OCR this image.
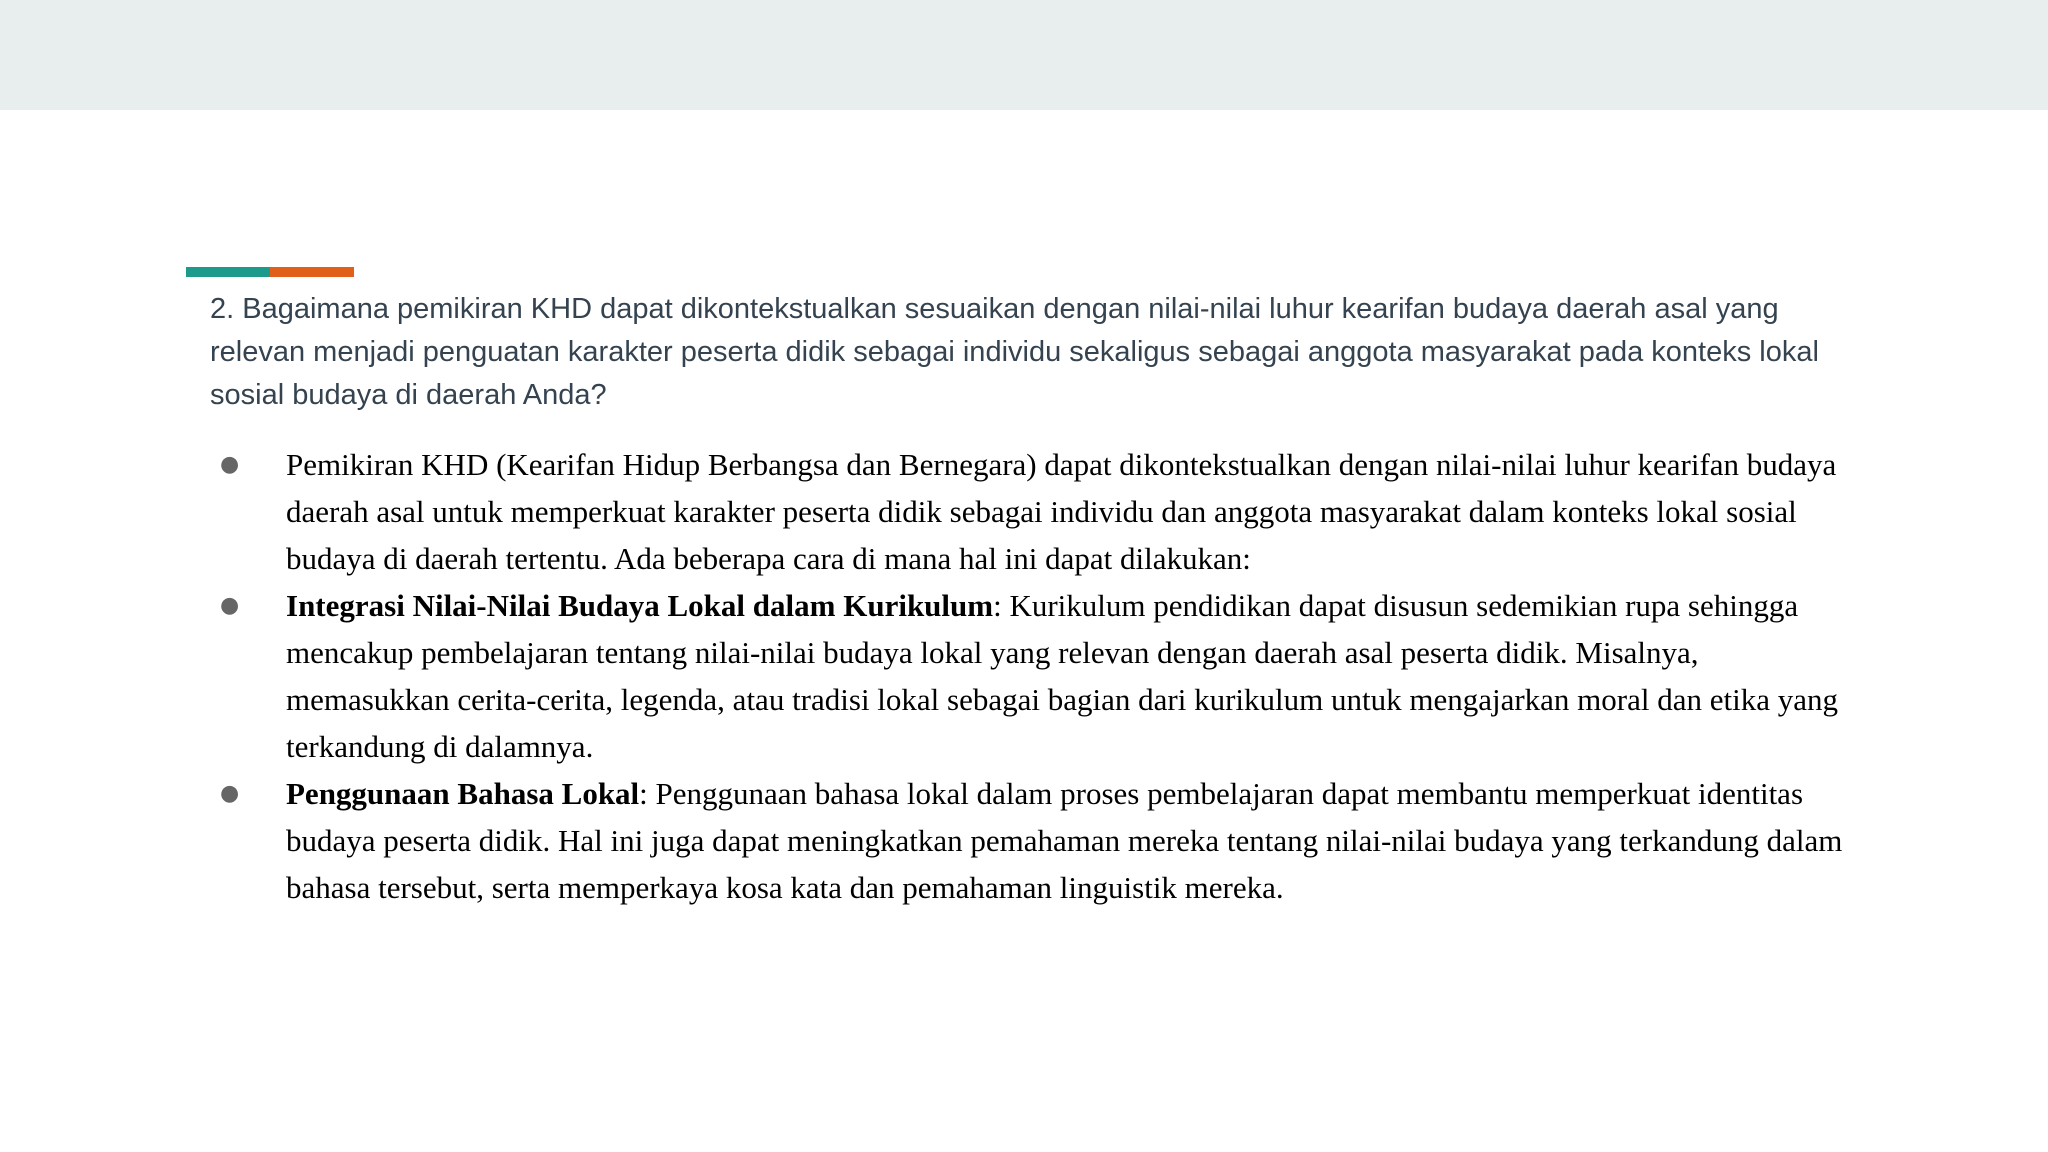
2. Bagaimana pemikiran KHD dapat dikontekstualkan sesuaikan dengan nilai-nilai luhur kearifan budaya daerah asal yang relevan menjadi penguatan karakter peserta didik sebagai individu sekaligus sebagai anggota masyarakat pada konteks lokal sosial budaya di daerah Anda?

● Pemikiran KHD (Kearifan Hidup Berbangsa dan Bernegara) dapat dikontekstualkan dengan nilai-nilai luhur kearifan budaya daerah asal untuk memperkuat karakter peserta didik sebagai individu dan anggota masyarakat dalam konteks lokal sosial budaya di daerah tertentu. Ada beberapa cara di mana hal ini dapat dilakukan:
● Integrasi Nilai-Nilai Budaya Lokal dalam Kurikulum: Kurikulum pendidikan dapat disusun sedemikian rupa sehingga mencakup pembelajaran tentang nilai-nilai budaya lokal yang relevan dengan daerah asal peserta didik. Misalnya, memasukkan cerita-cerita, legenda, atau tradisi lokal sebagai bagian dari kurikulum untuk mengajarkan moral dan etika yang terkandung di dalamnya.
● Penggunaan Bahasa Lokal: Penggunaan bahasa lokal dalam proses pembelajaran dapat membantu memperkuat identitas budaya peserta didik. Hal ini juga dapat meningkatkan pemahaman mereka tentang nilai-nilai budaya yang terkandung dalam bahasa tersebut, serta memperkaya kosa kata dan pemahaman linguistik mereka.
